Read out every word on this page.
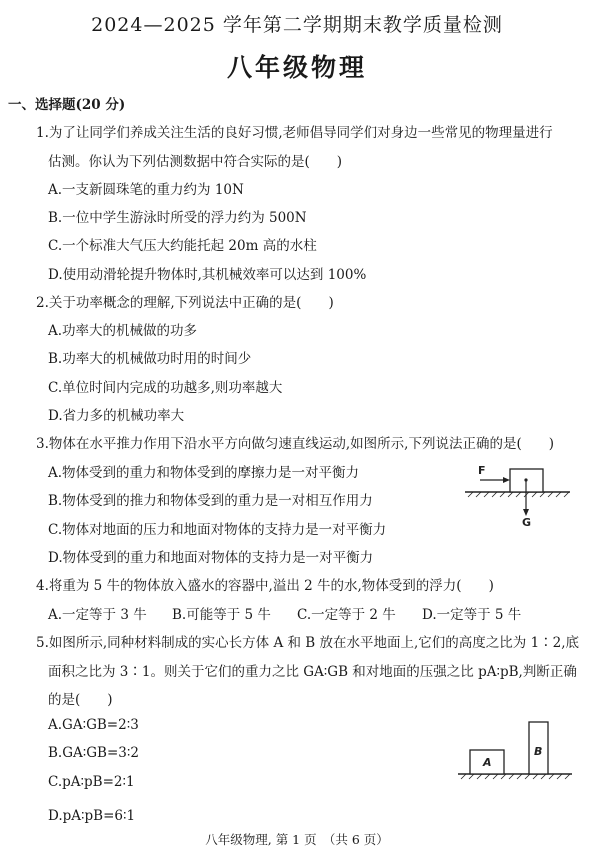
2024—2025 学年第二学期期末教学质量检测
八年级物理
一、选择题(20 分)
1.为了让同学们养成关注生活的良好习惯,老师倡导同学们对身边一些常见的物理量进行
估测。你认为下列估测数据中符合实际的是(　　)
A.一支新圆珠笔的重力约为 10N
B.一位中学生游泳时所受的浮力约为 500N
C.一个标准大气压大约能托起 20m 高的水柱
D.使用动滑轮提升物体时,其机械效率可以达到 100%
2.关于功率概念的理解,下列说法中正确的是(　　)
A.功率大的机械做的功多
B.功率大的机械做功时用的时间少
C.单位时间内完成的功越多,则功率越大
D.省力多的机械功率大
3.物体在水平推力作用下沿水平方向做匀速直线运动,如图所示,下列说法正确的是(　　)
A.物体受到的重力和物体受到的摩擦力是一对平衡力
B.物体受到的推力和物体受到的重力是一对相互作用力
C.物体对地面的压力和地面对物体的支持力是一对平衡力
D.物体受到的重力和地面对物体的支持力是一对平衡力
F
G
4.将重为 5 牛的物体放入盛水的容器中,溢出 2 牛的水,物体受到的浮力(　　)
A.一定等于 3 牛 B.可能等于 5 牛 C.一定等于 2 牛 D.一定等于 5 牛
5.如图所示,同种材料制成的实心长方体 A 和 B 放在水平地面上,它们的高度之比为 1∶2,底
面积之比为 3∶1。则关于它们的重力之比 GA∶GB 和对地面的压强之比 pA∶pB,判断正确
的是(　　)
A.GA∶GB=2∶3
B.GA∶GB=3∶2
C.pA∶pB=2∶1
D.pA∶pB=6∶1
A
B
八年级物理, 第 1 页　（共 6 页）
